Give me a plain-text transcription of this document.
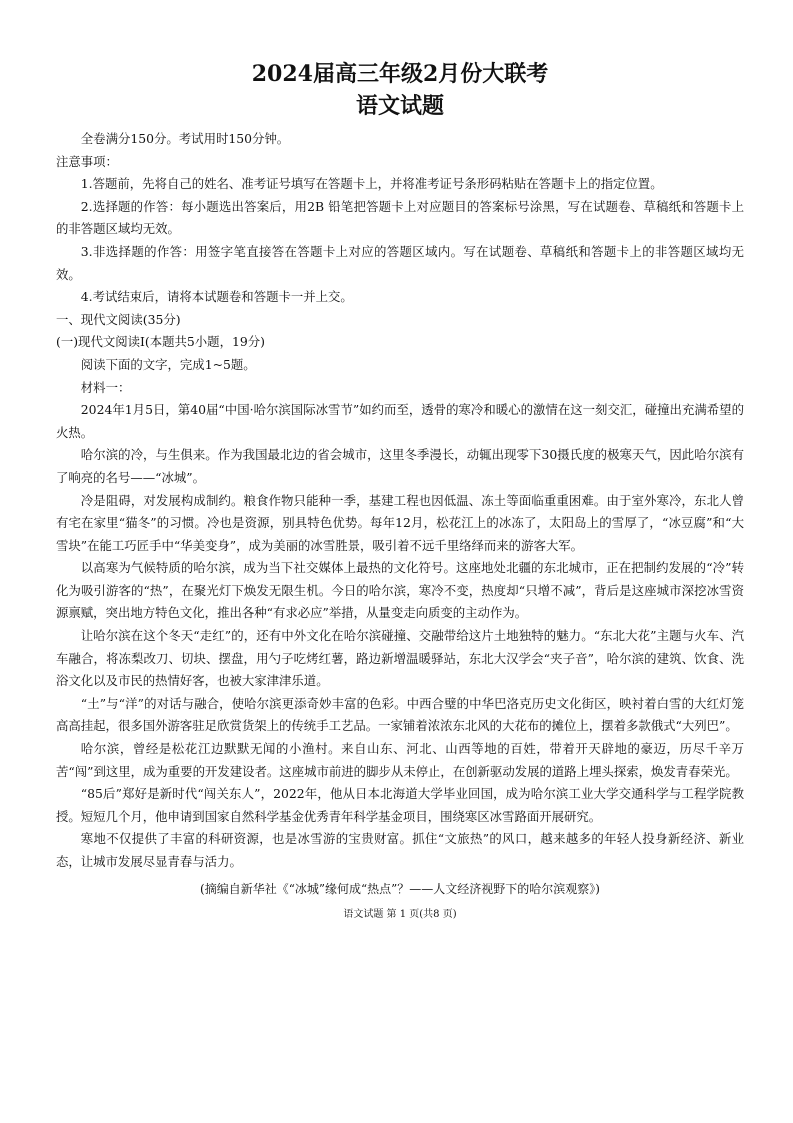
2024届高三年级2月份大联考
语文试题

全卷满分150分。考试用时150分钟。

注意事项：

1.答题前，先将自己的姓名、准考证号填写在答题卡上，并将准考证号条形码粘贴在答题卡上的指定位置。

2.选择题的作答：每小题选出答案后，用2B 铅笔把答题卡上对应题目的答案标号涂黑，写在试题卷、草稿纸和答题卡上的非答题区域均无效。

3.非选择题的作答：用签字笔直接答在答题卡上对应的答题区域内。写在试题卷、草稿纸和答题卡上的非答题区域均无效。

4.考试结束后，请将本试题卷和答题卡一并上交。

一、现代文阅读(35分)

(一)现代文阅读Ⅰ(本题共5小题，19分)

阅读下面的文字，完成1~5题。

材料一：

2024年1月5日，第40届“中国·哈尔滨国际冰雪节”如约而至，透骨的寒冷和暖心的激情在这一刻交汇，碰撞出充满希望的火热。

哈尔滨的冷，与生俱来。作为我国最北边的省会城市，这里冬季漫长，动辄出现零下30摄氏度的极寒天气，因此哈尔滨有了响亮的名号——“冰城”。

冷是阻碍，对发展构成制约。粮食作物只能种一季，基建工程也因低温、冻土等面临重重困难。由于室外寒冷，东北人曾有宅在家里“猫冬”的习惯。冷也是资源，别具特色优势。每年12月，松花江上的冰冻了，太阳岛上的雪厚了，“冰豆腐”和“大雪块”在能工巧匠手中“华美变身”，成为美丽的冰雪胜景，吸引着不远千里络绎而来的游客大军。

以高寒为气候特质的哈尔滨，成为当下社交媒体上最热的文化符号。这座地处北疆的东北城市，正在把制约发展的“冷”转化为吸引游客的“热”，在聚光灯下焕发无限生机。今日的哈尔滨，寒冷不变，热度却“只增不减”，背后是这座城市深挖冰雪资源禀赋，突出地方特色文化，推出各种“有求必应”举措，从量变走向质变的主动作为。

让哈尔滨在这个冬天“走红”的，还有中外文化在哈尔滨碰撞、交融带给这片土地独特的魅力。“东北大花”主题与火车、汽车融合，将冻梨改刀、切块、摆盘，用勺子吃烤红薯，路边新增温暖驿站，东北大汉学会“夹子音”，哈尔滨的建筑、饮食、洗浴文化以及市民的热情好客，也被大家津津乐道。

“土”与“洋”的对话与融合，使哈尔滨更添奇妙丰富的色彩。中西合璧的中华巴洛克历史文化街区，映衬着白雪的大红灯笼高高挂起，很多国外游客驻足欣赏货架上的传统手工艺品。一家铺着浓浓东北风的大花布的摊位上，摆着多款俄式“大列巴”。

哈尔滨，曾经是松花江边默默无闻的小渔村。来自山东、河北、山西等地的百姓，带着开天辟地的豪迈，历尽千辛万苦“闯”到这里，成为重要的开发建设者。这座城市前进的脚步从未停止，在创新驱动发展的道路上埋头探索，焕发青春荣光。

“85后”郑好是新时代“闯关东人”，2022年，他从日本北海道大学毕业回国，成为哈尔滨工业大学交通科学与工程学院教授。短短几个月，他申请到国家自然科学基金优秀青年科学基金项目，围绕寒区冰雪路面开展研究。

寒地不仅提供了丰富的科研资源，也是冰雪游的宝贵财富。抓住“文旅热”的风口，越来越多的年轻人投身新经济、新业态，让城市发展尽显青春与活力。

(摘编自新华社《“冰城”缘何成“热点”？——人文经济视野下的哈尔滨观察》)

语文试题 第 1 页(共8 页)
